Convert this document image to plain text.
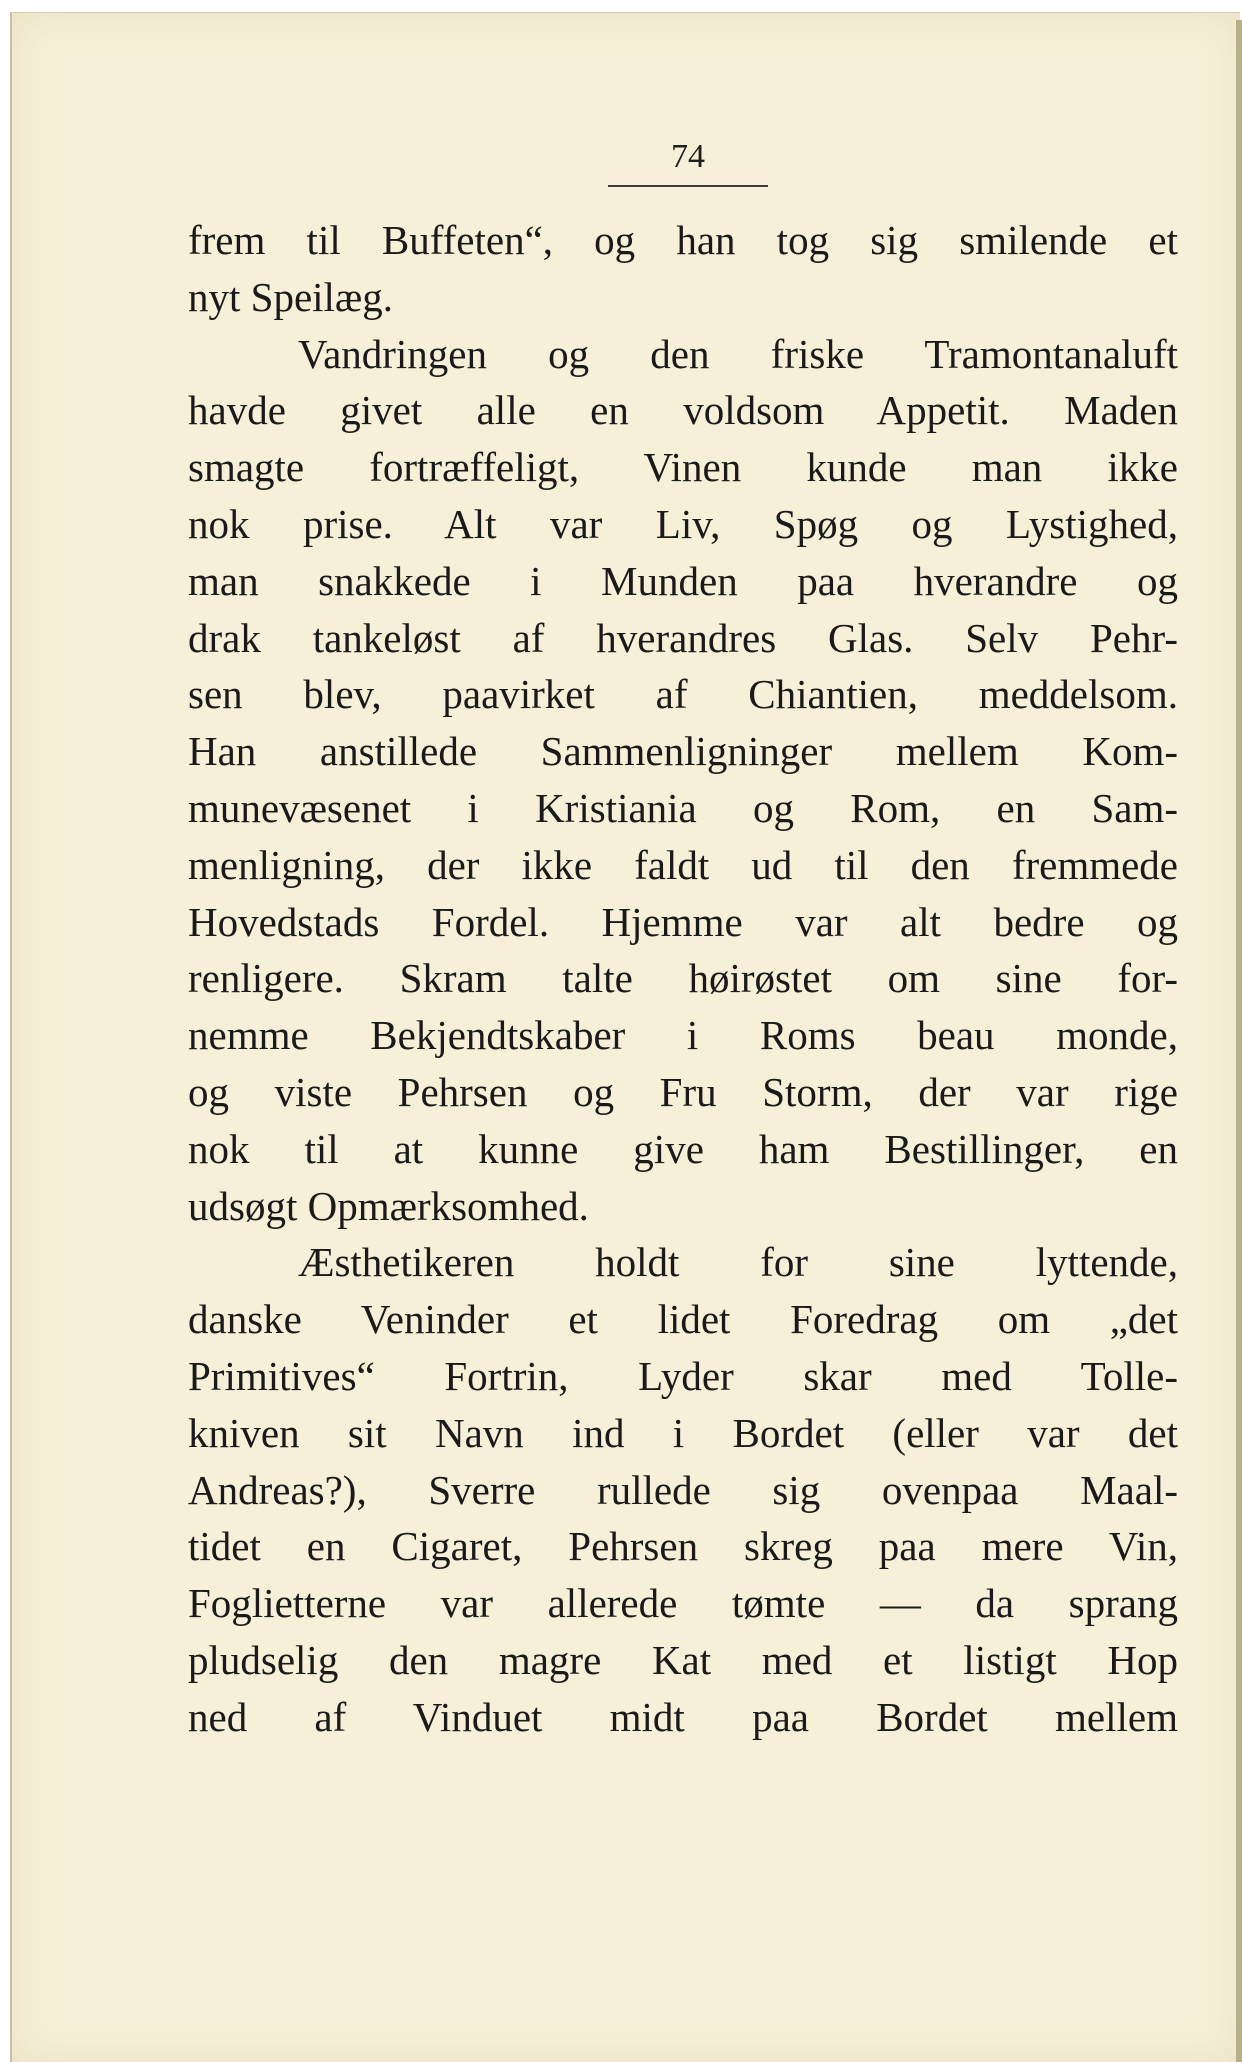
74

frem til Buffeten“, og han tog sig smilende et
nyt Speilæg.
Vandringen og den friske Tramontanaluft
havde givet alle en voldsom Appetit. Maden
smagte fortræffeligt, Vinen kunde man ikke
nok prise. Alt var Liv, Spøg og Lystighed,
man snakkede i Munden paa hverandre og
drak tankeløst af hverandres Glas. Selv Pehr-
sen blev, paavirket af Chiantien, meddelsom.
Han anstillede Sammenligninger mellem Kom-
munevæsenet i Kristiania og Rom, en Sam-
menligning, der ikke faldt ud til den fremmede
Hovedstads Fordel. Hjemme var alt bedre og
renligere. Skram talte høirøstet om sine for-
nemme Bekjendtskaber i Roms beau monde,
og viste Pehrsen og Fru Storm, der var rige
nok til at kunne give ham Bestillinger, en
udsøgt Opmærksomhed.
Æsthetikeren holdt for sine lyttende,
danske Veninder et lidet Foredrag om „det
Primitives“ Fortrin, Lyder skar med Tolle-
kniven sit Navn ind i Bordet (eller var det
Andreas?), Sverre rullede sig ovenpaa Maal-
tidet en Cigaret, Pehrsen skreg paa mere Vin,
Foglietterne var allerede tømte — da sprang
pludselig den magre Kat med et listigt Hop
ned af Vinduet midt paa Bordet mellem
